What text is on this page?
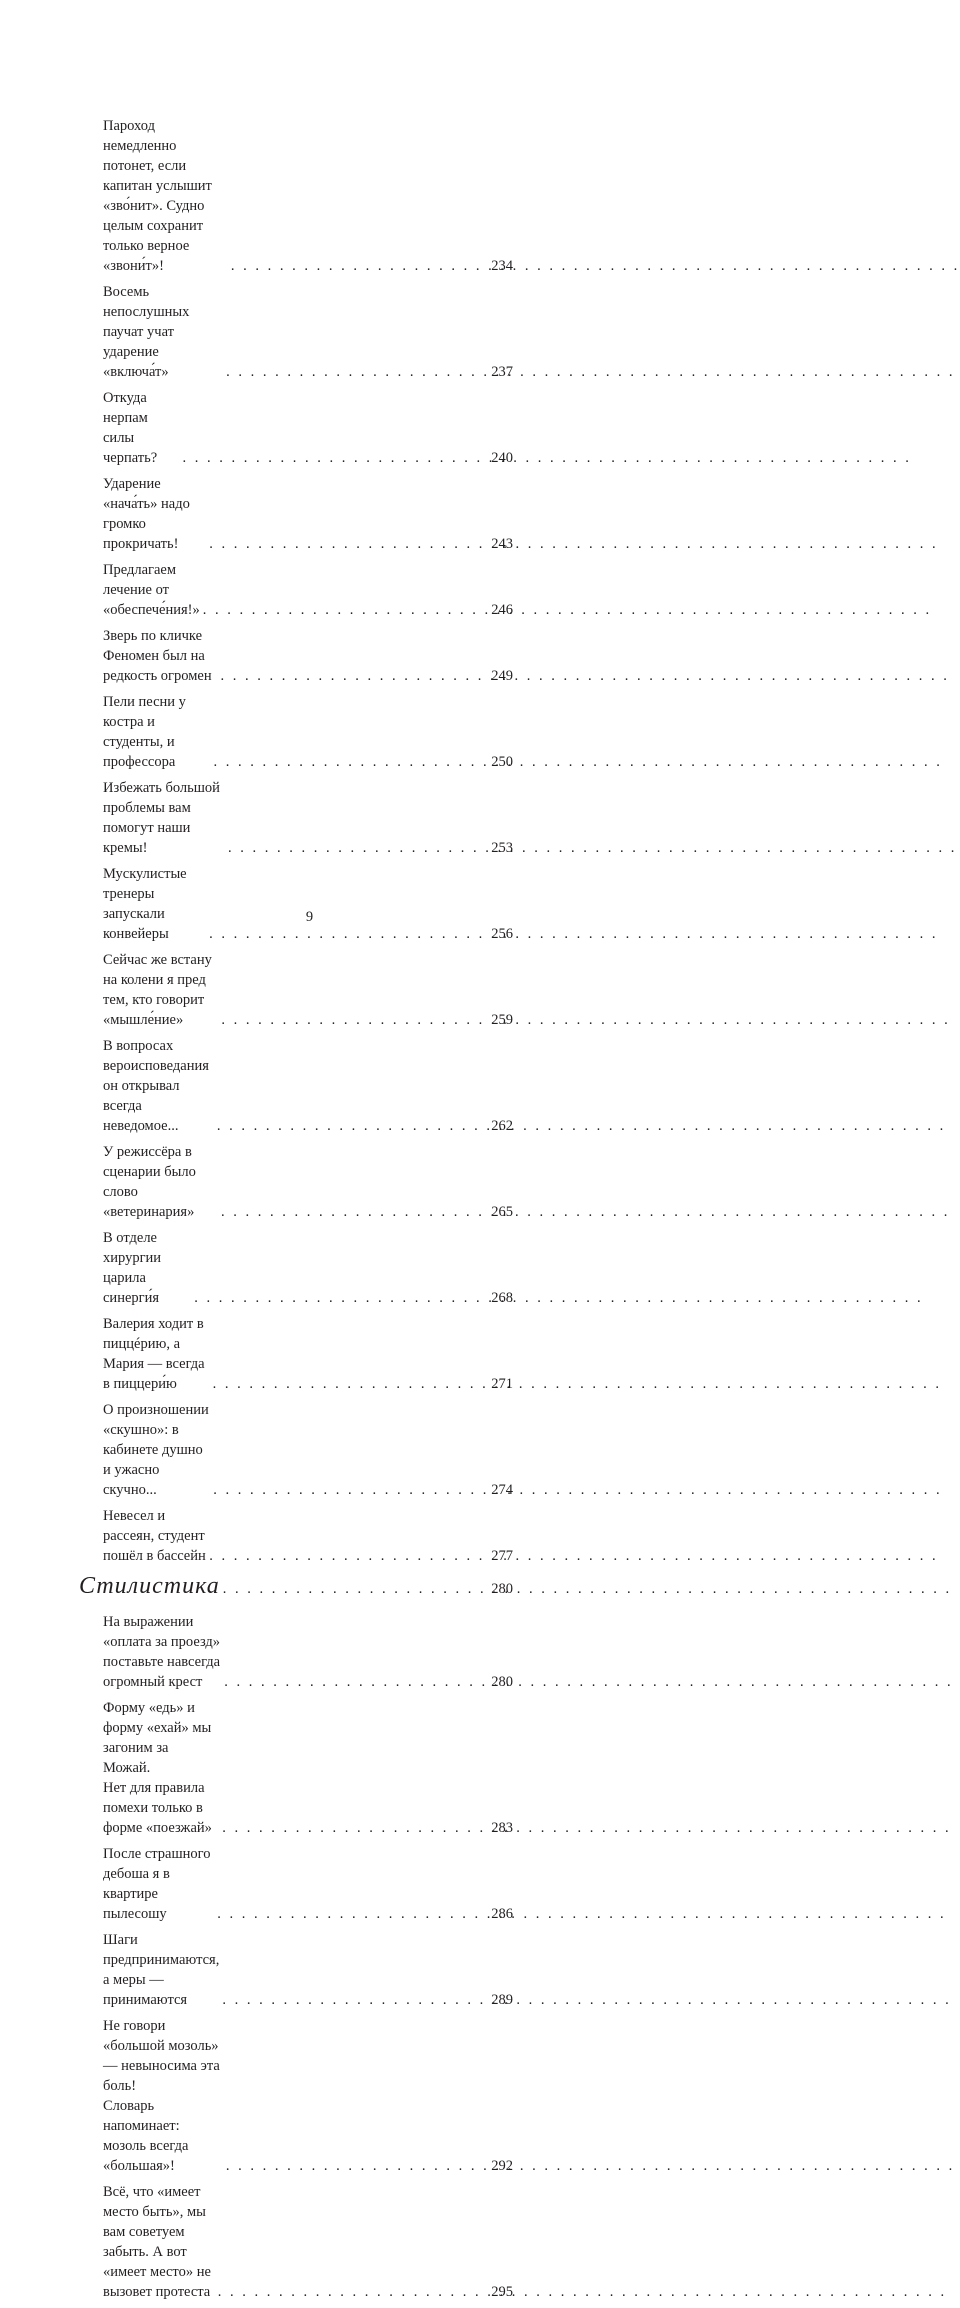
Пароход немедленно потонет, если капитан услышит
«зво́нит». Судно целым сохранит только верное «звони́т»! . . .	234
Восемь непослушных паучат учат ударение «включа́т» . . .	237
Откуда нерпам силы черпать? . . .	240
Ударение «нача́ть» надо громко прокричать! . . .	243
Предлагаем лечение от «обеспече́ния!» . . .	246
Зверь по кличке Феномен был на редкость огромен . . .	249
Пели песни у костра и студенты, и профессора . . .	250
Избежать большой проблемы вам помогут наши кремы! . . .	253
Мускулистые тренеры запускали конвейеры . . .	256
Сейчас же встану на колени я пред тем, кто говорит
«мышле́ние» . . .	259
В вопросах вероисповедания он открывал всегда
неведомое... . . .	262
У режиссёра в сценарии было слово «ветеринария» . . .	265
В отделе хирургии царила синерги́я . . .	268
Валерия ходит в пиццéрию, а Мария — всегда
в пиццери́ю . . .	271
О произношении «скушно»: в кабинете душно
и ужасно скучно... . . .	274
Невесел и рассеян, студент пошёл в бассейн . . .	277
Стилистика . . .	280
На выражении «оплата за проезд» поставьте навсегда
огромный крест . . .	280
Форму «едь» и форму «ехай» мы загоним за Можай.
Нет для правила помехи только в форме «поезжай» . . .	283
После страшного дебоша я в квартире пылесошу . . .	286
Шаги предпринимаются, а меры — принимаются . . .	289
Не говори «большой мозоль» — невыносима эта боль!
Словарь напоминает: мозоль всегда «большая»! . . .	292
Всё, что «имеет место быть», мы вам советуем
забыть. А вот «имеет место» не вызовет протеста . . .	295
9
